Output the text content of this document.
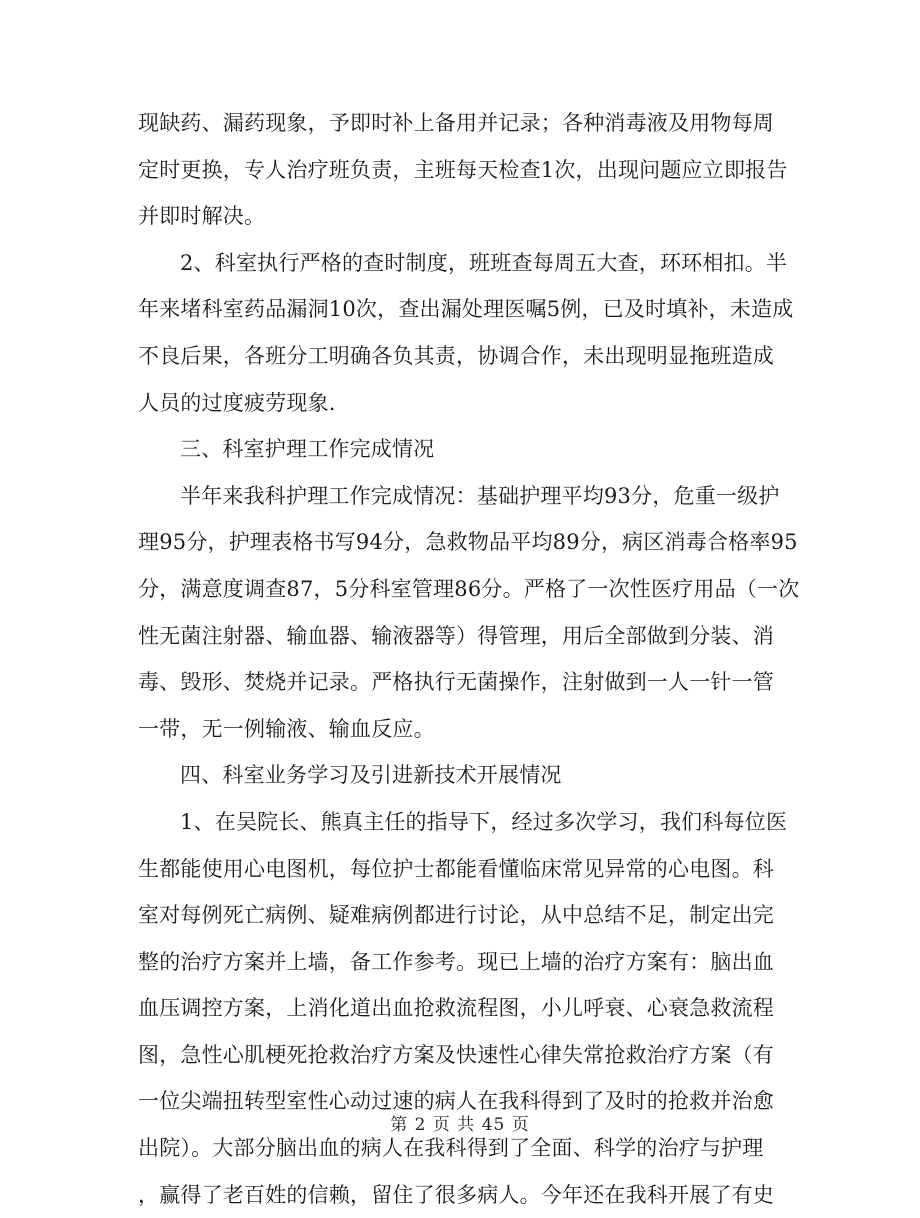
现缺药、漏药现象，予即时补上备用并记录；各种消毒液及用物每周
定时更换，专人治疗班负责，主班每天检查1次，出现问题应立即报告
并即时解决。
2、科室执行严格的查时制度，班班查每周五大查，环环相扣。半
年来堵科室药品漏洞10次，查出漏处理医嘱5例，已及时填补，未造成
不良后果，各班分工明确各负其责，协调合作，未出现明显拖班造成
人员的过度疲劳现象.
三、科室护理工作完成情况
半年来我科护理工作完成情况：基础护理平均93分，危重一级护
理95分，护理表格书写94分，急救物品平均89分，病区消毒合格率95
分，满意度调查87，5分科室管理86分。严格了一次性医疗用品（一次
性无菌注射器、输血器、输液器等）得管理，用后全部做到分装、消
毒、毁形、焚烧并记录。严格执行无菌操作，注射做到一人一针一管
一带，无一例输液、输血反应。
四、科室业务学习及引进新技术开展情况
1、在吴院长、熊真主任的指导下，经过多次学习，我们科每位医
生都能使用心电图机，每位护士都能看懂临床常见异常的心电图。科
室对每例死亡病例、疑难病例都进行讨论，从中总结不足，制定出完
整的治疗方案并上墙，备工作参考。现已上墙的治疗方案有：脑出血
血压调控方案，上消化道出血抢救流程图，小儿呼衰、心衰急救流程
图，急性心肌梗死抢救治疗方案及快速性心律失常抢救治疗方案（有
一位尖端扭转型室性心动过速的病人在我科得到了及时的抢救并治愈
出院）。大部分脑出血的病人在我科得到了全面、科学的治疗与护理
，赢得了老百姓的信赖，留住了很多病人。今年还在我科开展了有史
第 2 页 共 45 页
